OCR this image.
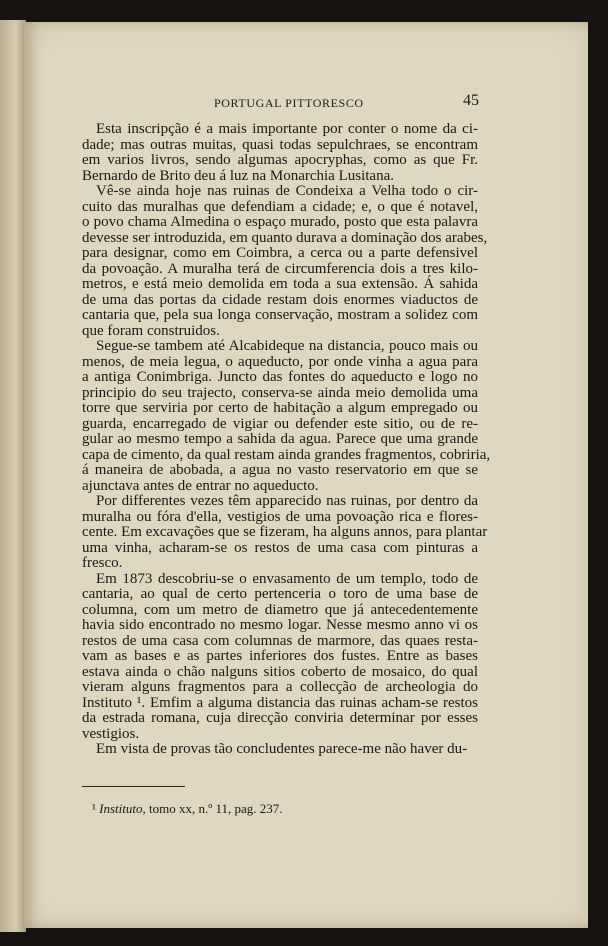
PORTUGAL PITTORESCO	45
Esta inscripção é a mais importante por conter o nome da ci-
dade; mas outras muitas, quasi todas sepulchraes, se encontram
em varios livros, sendo algumas apocryphas, como as que Fr.
Bernardo de Brito deu á luz na Monarchia Lusitana.
Vê-se ainda hoje nas ruinas de Condeixa a Velha todo o cir-
cuito das muralhas que defendiam a cidade; e, o que é notavel,
o povo chama Almedina o espaço murado, posto que esta palavra
devesse ser introduzida, em quanto durava a dominação dos arabes,
para designar, como em Coimbra, a cerca ou a parte defensivel
da povoação. A muralha terá de circumferencia dois a tres kilo-
metros, e está meio demolida em toda a sua extensão. Á sahida
de uma das portas da cidade restam dois enormes viaductos de
cantaria que, pela sua longa conservação, mostram a solidez com
que foram construidos.
Segue-se tambem até Alcabideque na distancia, pouco mais ou
menos, de meia legua, o aqueducto, por onde vinha a agua para
a antiga Conimbriga. Juncto das fontes do aqueducto e logo no
principio do seu trajecto, conserva-se ainda meio demolida uma
torre que serviria por certo de habitação a algum empregado ou
guarda, encarregado de vigiar ou defender este sitio, ou de re-
gular ao mesmo tempo a sahida da agua. Parece que uma grande
capa de cimento, da qual restam ainda grandes fragmentos, cobriria,
á maneira de abobada, a agua no vasto reservatorio em que se
ajunctava antes de entrar no aqueducto.
Por differentes vezes têm apparecido nas ruinas, por dentro da
muralha ou fóra d'ella, vestigios de uma povoação rica e flores-
cente. Em excavações que se fizeram, ha alguns annos, para plantar
uma vinha, acharam-se os restos de uma casa com pinturas a
fresco.
Em 1873 descobriu-se o envasamento de um templo, todo de
cantaria, ao qual de certo pertenceria o toro de uma base de
columna, com um metro de diametro que já antecedentemente
havia sido encontrado no mesmo logar. Nesse mesmo anno vi os
restos de uma casa com columnas de marmore, das quaes resta-
vam as bases e as partes inferiores dos fustes. Entre as bases
estava ainda o chão nalguns sitios coberto de mosaico, do qual
vieram alguns fragmentos para a collecção de archeologia do
Instituto ¹. Emfim a alguma distancia das ruinas acham-se restos
da estrada romana, cuja direcção conviria determinar por esses
vestigios.
Em vista de provas tão concludentes parece-me não haver du-
¹ Instituto, tomo xx, n.º 11, pag. 237.
